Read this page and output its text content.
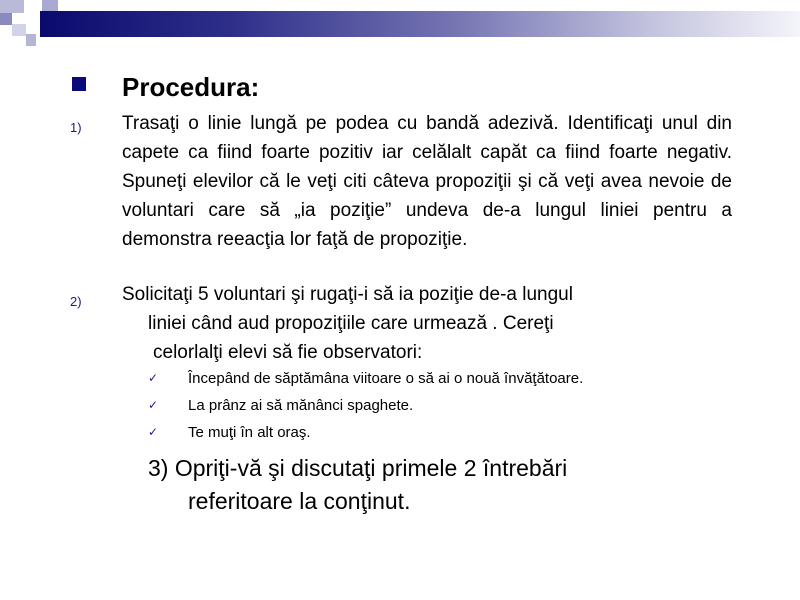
Procedura:
1) Trasaţi o linie lungă pe podea cu bandă adezivă. Identificaţi unul din capete ca fiind foarte pozitiv iar celălalt capăt ca fiind foarte negativ. Spuneţi elevilor că le veţi citi câteva propoziţii şi că veţi avea nevoie de voluntari care să „ia poziţie” undeva de-a lungul liniei pentru a demonstra reeacţia lor faţă de propoziţie.
2) Solicitaţi 5 voluntari şi rugaţi-i să ia poziţie de-a lungul
liniei când aud propoziţiile care urmează . Cereţi
celorlalţi elevi să fie observatori:
✓ Începând de săptămâna viitoare o să ai o nouă învăţătoare.
✓ La prânz ai să mănânci spaghete.
✓ Te muţi în alt oraş.
3) Opriţi-vă şi discutaţi primele 2 întrebări
referitoare la conţinut.
